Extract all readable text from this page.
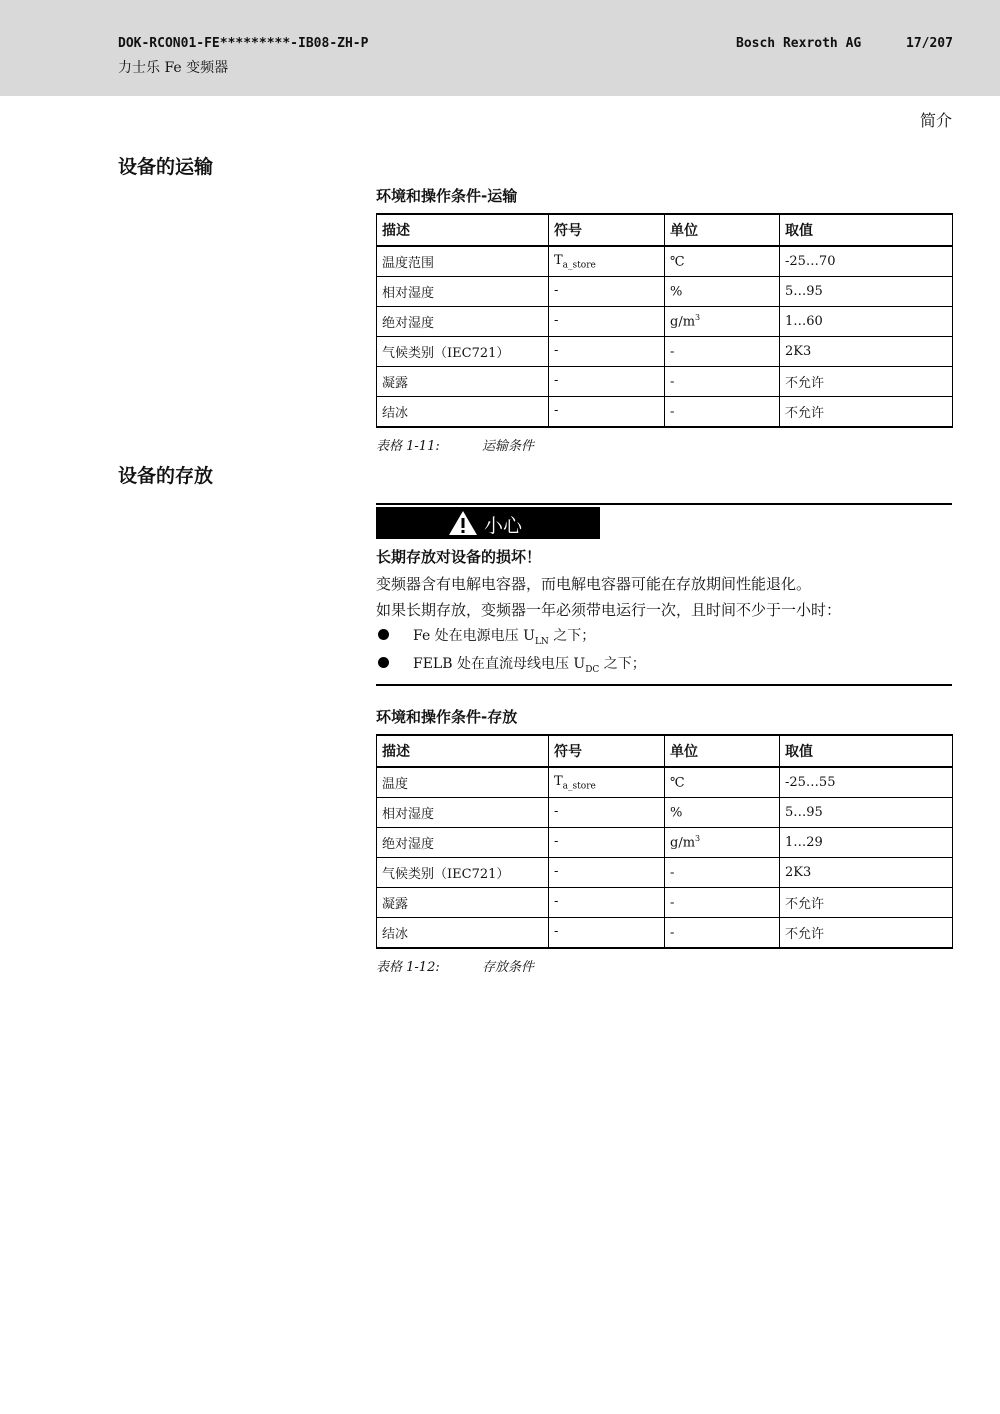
DOK-RCON01-FE*********-IB08-ZH-P
力士乐 Fe 变频器
Bosch Rexroth AG	17/207
简介
设备的运输
环境和操作条件-运输
描述	符号	单位	取值
温度范围	$T_{a\_store}$	℃	-25…70
相对湿度	-	%	5…95
绝对湿度	-	$g/m^3$	1…60
气候类别（IEC721）	-	-	2K3
凝露	-	-	不允许
结冰	-	-	不允许
表格 1-11:	运输条件
设备的存放
小心
长期存放对设备的损坏！
变频器含有电解电容器，而电解电容器可能在存放期间性能退化。
如果长期存放，变频器一年必须带电运行一次，且时间不少于一小时：
Fe 处在电源电压 $U_{LN}$ 之下；
FELB 处在直流母线电压 $U_{DC}$ 之下；
环境和操作条件-存放
描述	符号	单位	取值
温度	$T_{a\_store}$	℃	-25…55
相对湿度	-	%	5…95
绝对湿度	-	$g/m^3$	1…29
气候类别（IEC721）	-	-	2K3
凝露	-	-	不允许
结冰	-	-	不允许
表格 1-12:	存放条件
